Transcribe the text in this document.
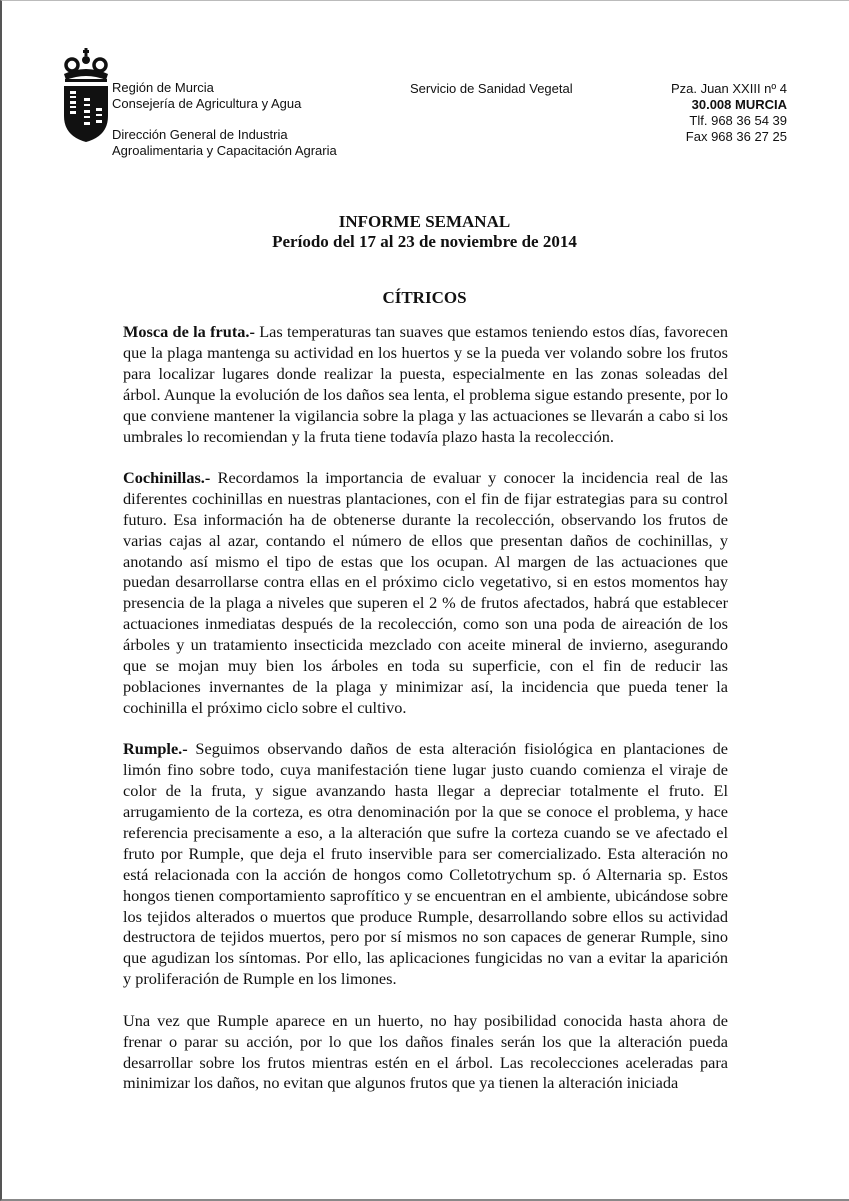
Región de Murcia
Consejería de Agricultura y Agua
Dirección General de Industria
Agroalimentaria y Capacitación Agraria
Servicio de Sanidad Vegetal	Pza. Juan XXIII nº 4
30.008 MURCIA
Tlf. 968 36 54 39
Fax 968 36 27 25
INFORME SEMANAL
Período del 17 al 23 de noviembre de 2014
CÍTRICOS

Mosca de la fruta.- Las temperaturas tan suaves que estamos teniendo estos días, favorecen que la plaga mantenga su actividad en los huertos y se la pueda ver volando sobre los frutos para localizar lugares donde realizar la puesta, especialmente en las zonas soleadas del árbol. Aunque la evolución de los daños sea lenta, el problema sigue estando presente, por lo que conviene mantener la vigilancia sobre la plaga y las actuaciones se llevarán a cabo si los umbrales lo recomiendan y la fruta tiene todavía plazo hasta la recolección.

Cochinillas.- Recordamos la importancia de evaluar y conocer la incidencia real de las diferentes cochinillas en nuestras plantaciones, con el fin de fijar estrategias para su control futuro. Esa información ha de obtenerse durante la recolección, observando los frutos de varias cajas al azar, contando el número de ellos que presentan daños de cochinillas, y anotando así mismo el tipo de estas que los ocupan. Al margen de las actuaciones que puedan desarrollarse contra ellas en el próximo ciclo vegetativo, si en estos momentos hay presencia de la plaga a niveles que superen el 2 % de frutos afectados, habrá que establecer actuaciones inmediatas después de la recolección, como son una poda de aireación de los árboles y un tratamiento insecticida mezclado con aceite mineral de invierno, asegurando que se mojan muy bien los árboles en toda su superficie, con el fin de reducir las poblaciones invernantes de la plaga y minimizar así, la incidencia que pueda tener la cochinilla el próximo ciclo sobre el cultivo.

Rumple.- Seguimos observando daños de esta alteración fisiológica en plantaciones de limón fino sobre todo, cuya manifestación tiene lugar justo cuando comienza el viraje de color de la fruta, y sigue avanzando hasta llegar a depreciar totalmente el fruto. El arrugamiento de la corteza, es otra denominación por la que se conoce el problema, y hace referencia precisamente a eso, a la alteración que sufre la corteza cuando se ve afectado el fruto por Rumple, que deja el fruto inservible para ser comercializado. Esta alteración no está relacionada con la acción de hongos como Colletotrychum sp. ó Alternaria sp. Estos hongos tienen comportamiento saprofítico y se encuentran en el ambiente, ubicándose sobre los tejidos alterados o muertos que produce Rumple, desarrollando sobre ellos su actividad destructora de tejidos muertos, pero por sí mismos no son capaces de generar Rumple, sino que agudizan los síntomas. Por ello, las aplicaciones fungicidas no van a evitar la aparición y proliferación de Rumple en los limones.

Una vez que Rumple aparece en un huerto, no hay posibilidad conocida hasta ahora de frenar o parar su acción, por lo que los daños finales serán los que la alteración pueda desarrollar sobre los frutos mientras estén en el árbol. Las recolecciones aceleradas para minimizar los daños, no evitan que algunos frutos que ya tienen la alteración iniciada
